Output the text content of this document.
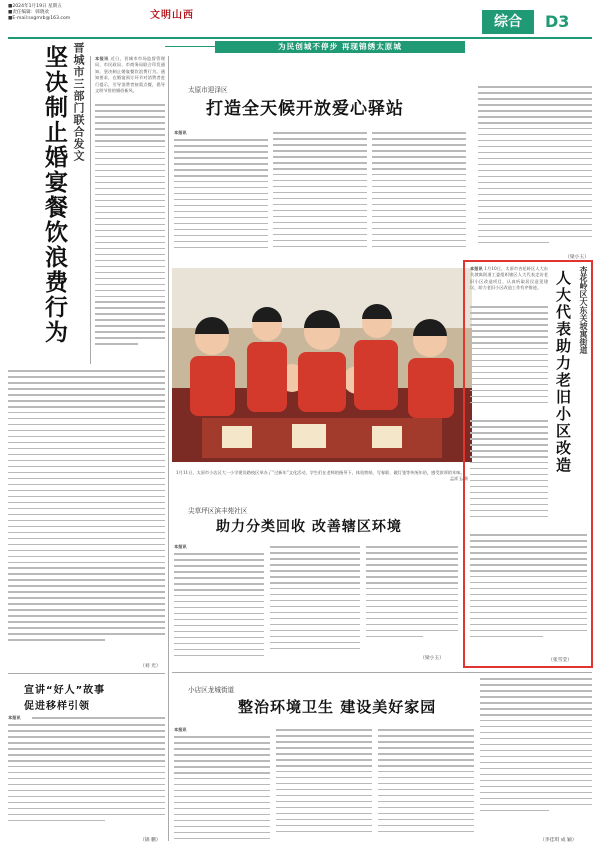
■2024年1月19日 星期五
■责任编辑：韩晓欢
■E-mail:sxgmrb@163.com	文明山西	综合	D3
为民创城不停步 再现锦绣太原城
晋城市三部门联合发文
坚决制止婚宴餐饮浪费行为	本报讯 近日，晋城市市场监督管理局、市民政局、市商务局联合印发通知，坚决制止婚宴餐饮浪费行为。通知要求，在婚宴预订环节对消费者进行提示，引导消费者按需点餐，倡导文明节俭的婚俗新风。
（刘 光）
宣讲“好人”故事
促进移样引领
本报讯
（锦 鹏）
太原市迎泽区
打造全天候开放爱心驿站
本报讯
（梁小玉）
1月11日，太原市小店区大一小学建设路校区举办了“过新年”文化活动，学生们在老师的指导下，体验剪纸、写春联、做灯笼等传统年俗，感受浓厚的年味。
孟祥玉/摄
杏花岭区大东关坡寓街道
人大代表助力老旧小区改造
本报讯 1月10日，太原市杏花岭区人大东关坡寓街道工委组织辖区人大代表走访老旧小区改造项目，认真听取居民意见建议，助力老旧小区改造工作有序推进。
（张雪莹）
尖草坪区滨丰苑社区
助力分类回收 改善辖区环境
本报讯
（梁小玉）
小店区龙城街道
整治环境卫生 建设美好家园
本报讯
（李佳琪 成 颖）
